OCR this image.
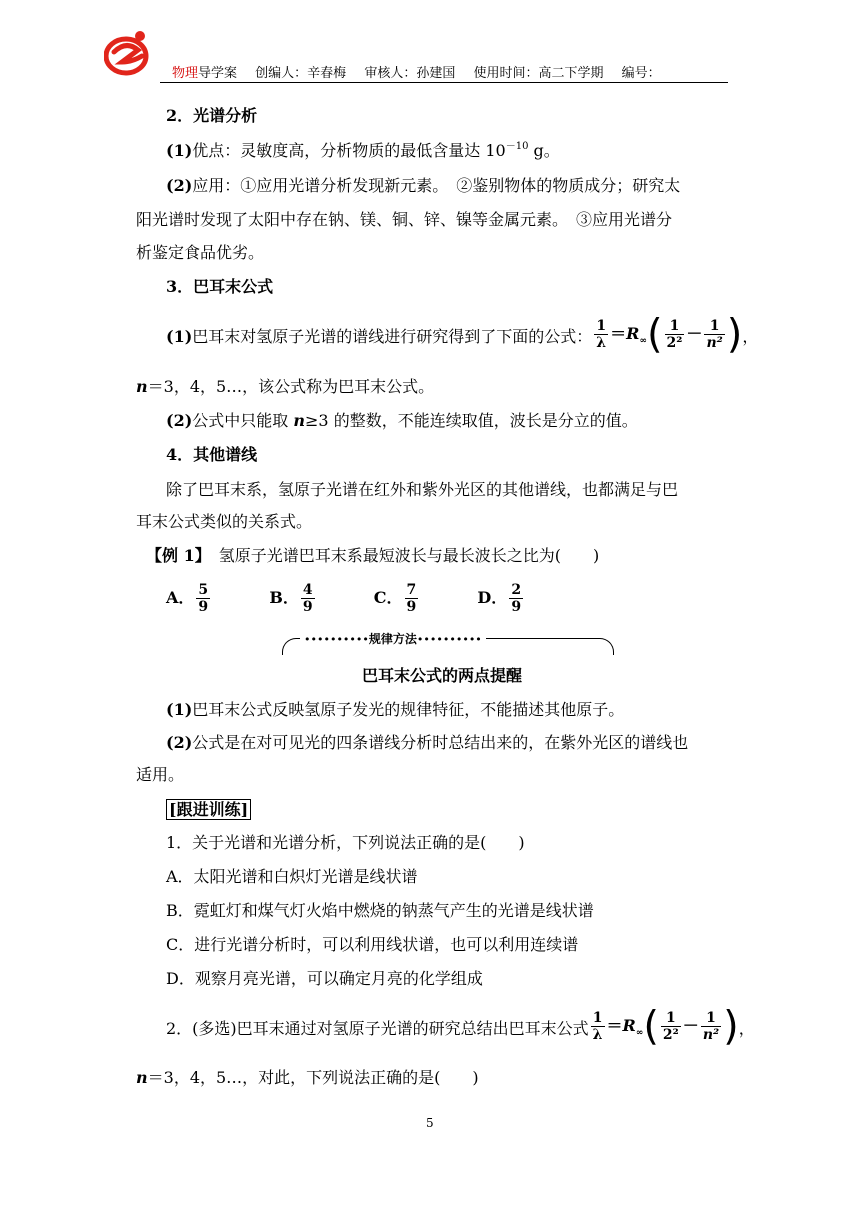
物理导学案 创编人：辛春梅 审核人：孙建国 使用时间：高二下学期 编号：
2．光谱分析
(1)优点：灵敏度高，分析物质的最低含量达 $10^{-10}$ g。
(2)应用：①应用光谱分析发现新元素。　②鉴别物体的物质成分；研究太
阳光谱时发现了太阳中存在钠、镁、铜、锌、镍等金属元素。　③应用光谱分
析鉴定食品优劣。
3．巴耳末公式
(1)巴耳末对氢原子光谱的谱线进行研究得到了下面的公式： $\frac{1}{\lambda} =R_\infty( \frac{1}{\text{2²}} - \frac{1}{\text{n²}}$ )，
n＝3，4，5…，该公式称为巴耳末公式。
(2)公式中只能取 n≥3 的整数，不能连续取值，波长是分立的值。
4．其他谱线
除了巴耳末系，氢原子光谱在红外和紫外光区的其他谱线，也都满足与巴
耳末公式类似的关系式。
【例 1】　氢原子光谱巴耳末系最短波长与最长波长之比为(　　)
A． $\frac{5}{9}$	B． $\frac{4}{9}$	C． $\frac{7}{9}$	D． $\frac{2}{9}$
••••••••••规律方法••••••••••
巴耳末公式的两点提醒
(1)巴耳末公式反映氢原子发光的规律特征，不能描述其他原子。
(2)公式是在对可见光的四条谱线分析时总结出来的，在紫外光区的谱线也
适用。
[跟进训练]
1．关于光谱和光谱分析，下列说法正确的是(　　)
A．太阳光谱和白炽灯光谱是线状谱
B．霓虹灯和煤气灯火焰中燃烧的钠蒸气产生的光谱是线状谱
C．进行光谱分析时，可以利用线状谱，也可以利用连续谱
D．观察月亮光谱，可以确定月亮的化学组成
2．(多选)巴耳末通过对氢原子光谱的研究总结出巴耳末公式 $\frac{1}{\lambda} =R_\infty( \frac{1}{\text{2²}} - \frac{1}{\text{n²}}$ )，
n＝3，4，5…，对此，下列说法正确的是(　　)
5
